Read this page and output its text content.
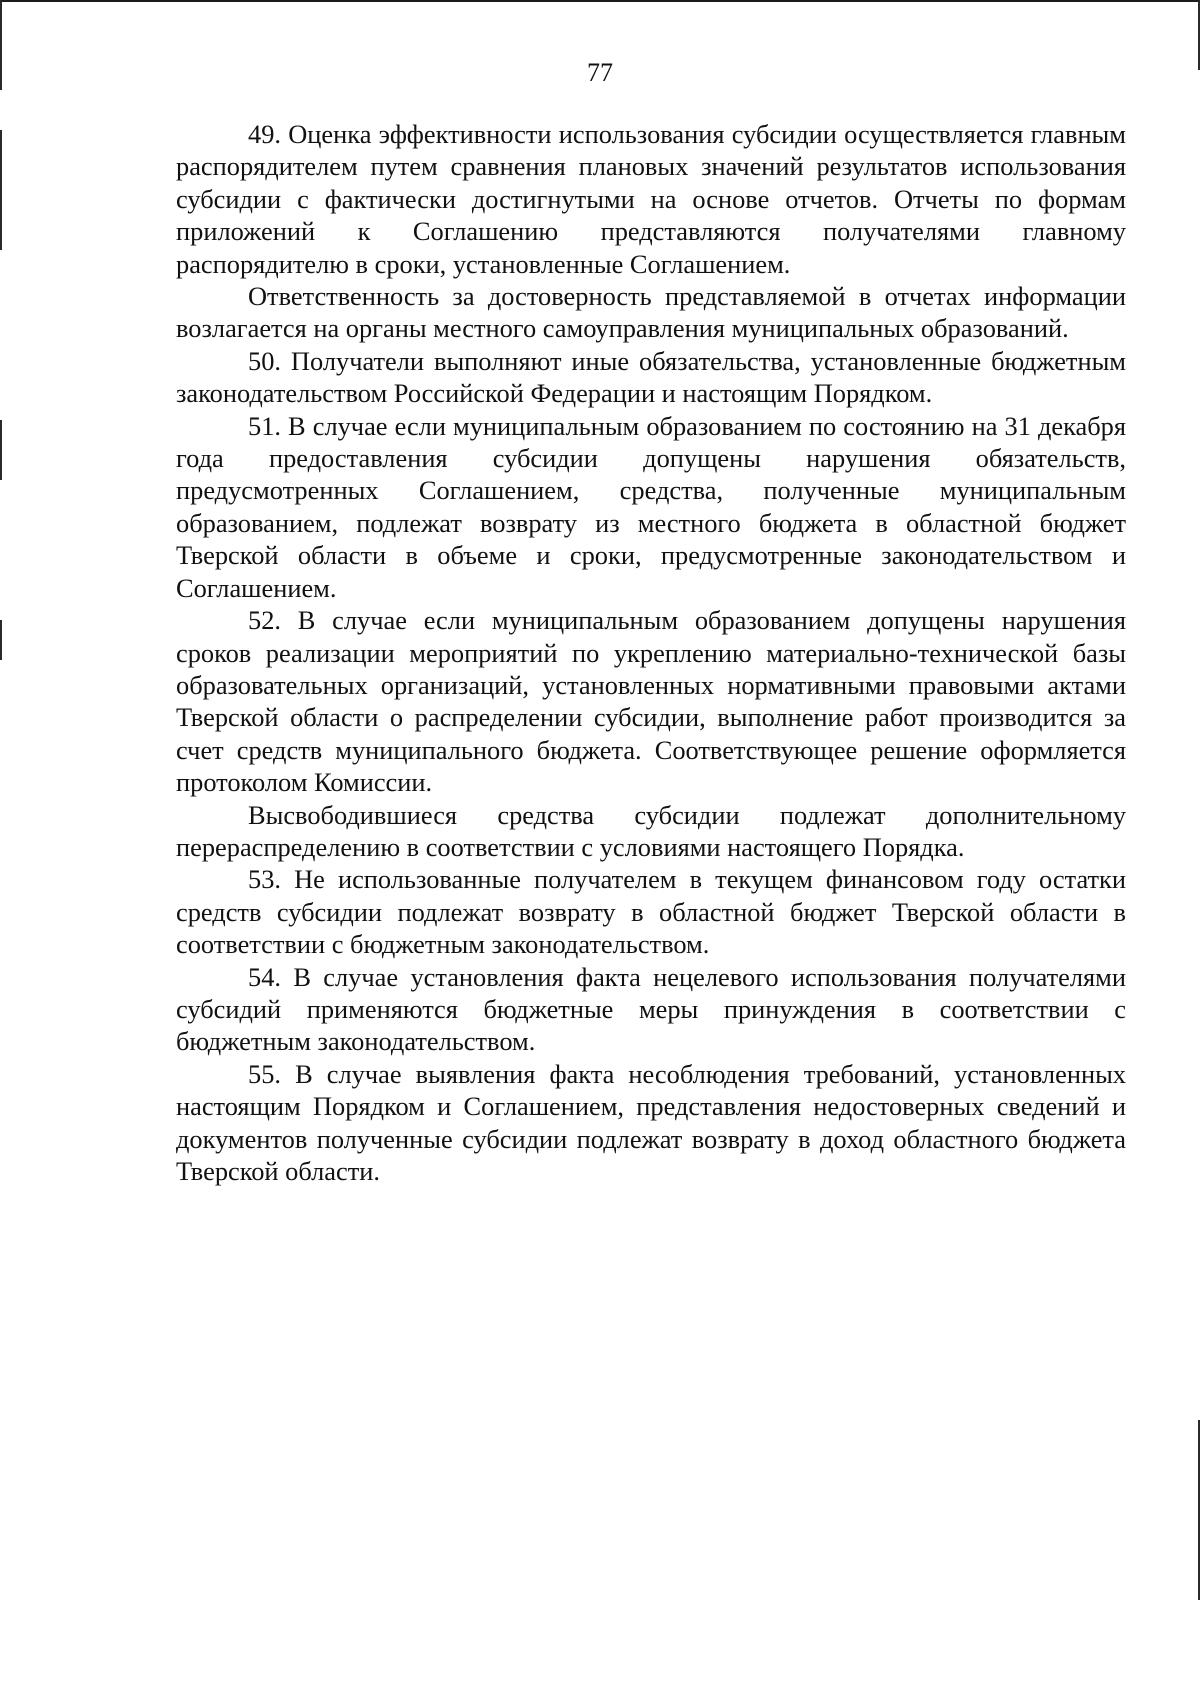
77

49. Оценка эффективности использования субсидии осуществляется главным распорядителем путем сравнения плановых значений результатов использования субсидии с фактически достигнутыми на основе отчетов. Отчеты по формам приложений к Соглашению представляются получателями главному распорядителю в сроки, установленные Соглашением.

Ответственность за достоверность представляемой в отчетах информации возлагается на органы местного самоуправления муниципальных образований.

50. Получатели выполняют иные обязательства, установленные бюджетным законодательством Российской Федерации и настоящим Порядком.

51. В случае если муниципальным образованием по состоянию на 31 декабря года предоставления субсидии допущены нарушения обязательств, предусмотренных Соглашением, средства, полученные муниципальным образованием, подлежат возврату из местного бюджета в областной бюджет Тверской области в объеме и сроки, предусмотренные законодательством и Соглашением.

52. В случае если муниципальным образованием допущены нарушения сроков реализации мероприятий по укреплению материально-технической базы образовательных организаций, установленных нормативными правовыми актами Тверской области о распределении субсидии, выполнение работ производится за счет средств муниципального бюджета. Соответствующее решение оформляется протоколом Комиссии.

Высвободившиеся средства субсидии подлежат дополнительному перераспределению в соответствии с условиями настоящего Порядка.

53. Не использованные получателем в текущем финансовом году остатки средств субсидии подлежат возврату в областной бюджет Тверской области в соответствии с бюджетным законодательством.

54. В случае установления факта нецелевого использования получателями субсидий применяются бюджетные меры принуждения в соответствии с бюджетным законодательством.

55. В случае выявления факта несоблюдения требований, установленных настоящим Порядком и Соглашением, представления недостоверных сведений и документов полученные субсидии подлежат возврату в доход областного бюджета Тверской области.
